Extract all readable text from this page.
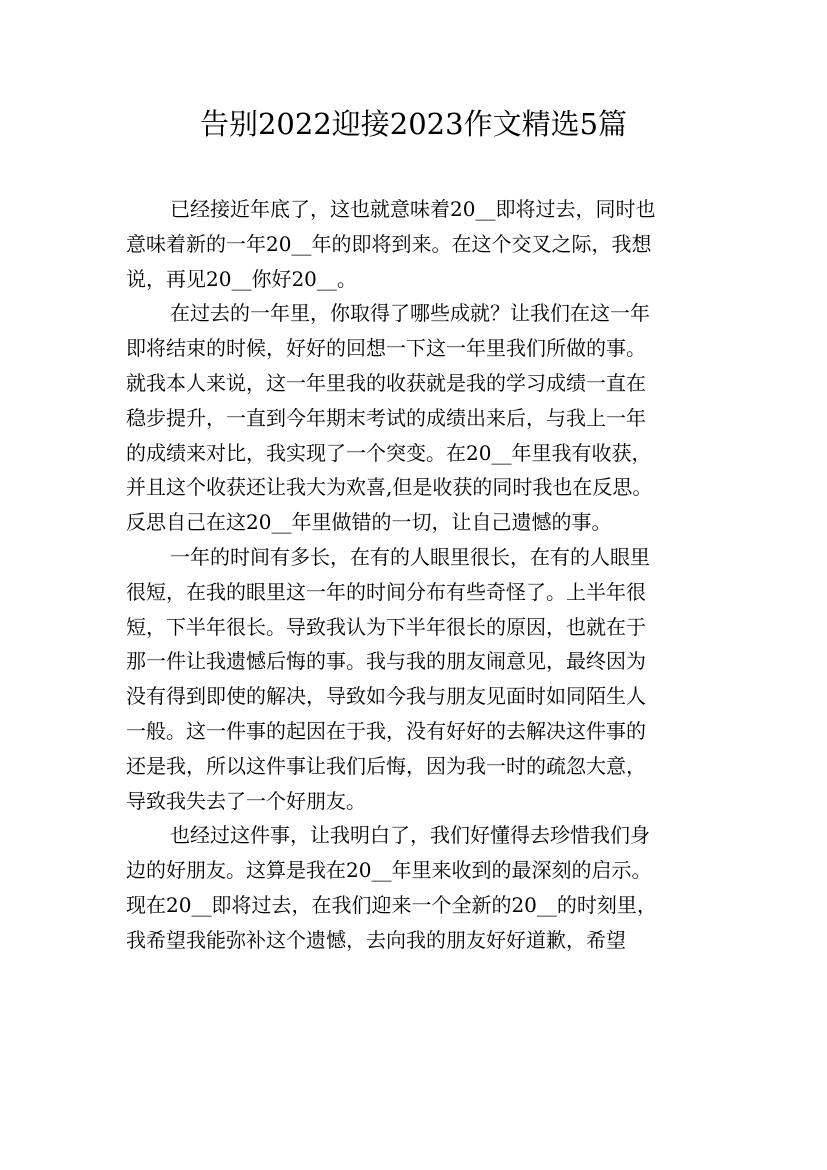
告别2022迎接2023作文精选5篇
已经接近年底了，这也就意味着20__即将过去，同时也
意味着新的一年20__年的即将到来。在这个交叉之际，我想
说，再见20__你好20__。
在过去的一年里，你取得了哪些成就？让我们在这一年
即将结束的时候，好好的回想一下这一年里我们所做的事。
就我本人来说，这一年里我的收获就是我的学习成绩一直在
稳步提升，一直到今年期末考试的成绩出来后，与我上一年
的成绩来对比，我实现了一个突变。在20__年里我有收获，
并且这个收获还让我大为欢喜,但是收获的同时我也在反思。
反思自己在这20__年里做错的一切，让自己遗憾的事。
一年的时间有多长，在有的人眼里很长，在有的人眼里
很短，在我的眼里这一年的时间分布有些奇怪了。上半年很
短，下半年很长。导致我认为下半年很长的原因，也就在于
那一件让我遗憾后悔的事。我与我的朋友闹意见，最终因为
没有得到即使的解决，导致如今我与朋友见面时如同陌生人
一般。这一件事的起因在于我，没有好好的去解决这件事的
还是我，所以这件事让我们后悔，因为我一时的疏忽大意，
导致我失去了一个好朋友。
也经过这件事，让我明白了，我们好懂得去珍惜我们身
边的好朋友。这算是我在20__年里来收到的最深刻的启示。
现在20__即将过去，在我们迎来一个全新的20__的时刻里，
我希望我能弥补这个遗憾，去向我的朋友好好道歉，希望
